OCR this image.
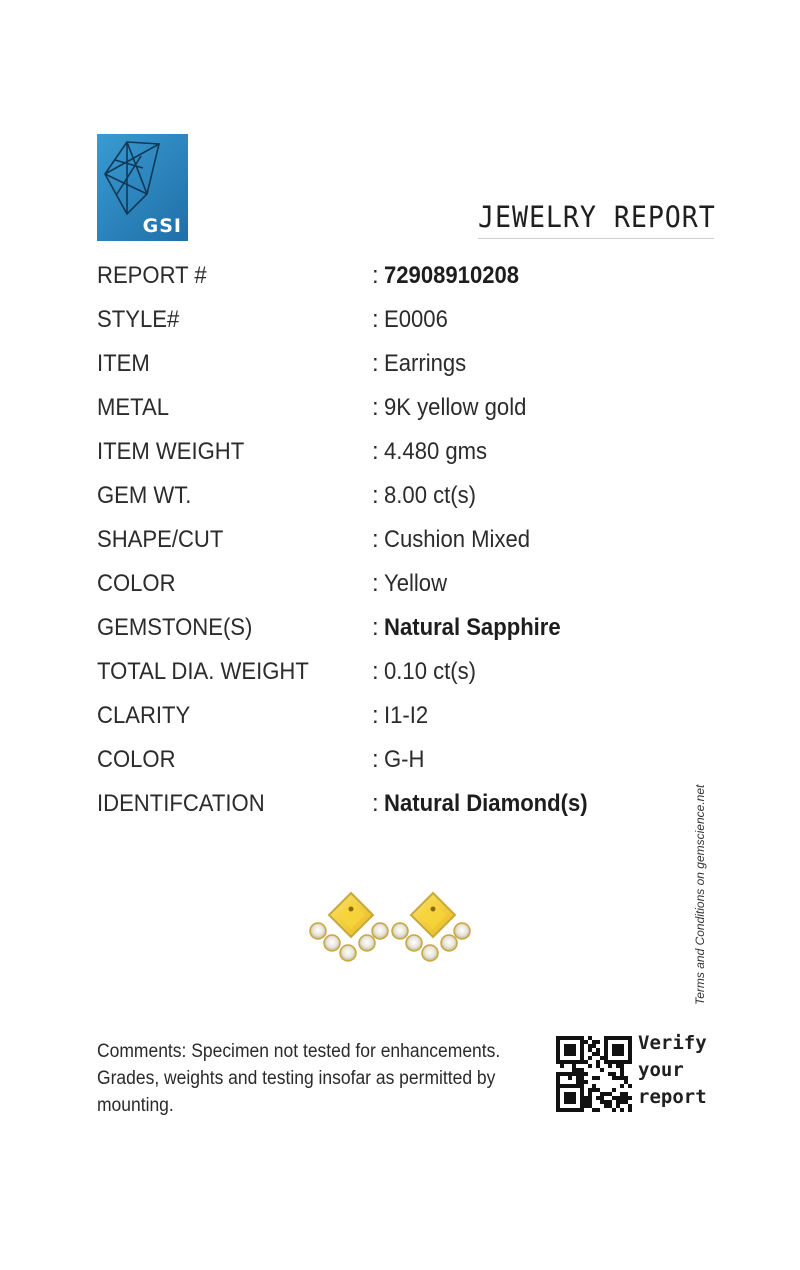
GSI	JEWELRY REPORT
REPORT #	: 72908910208
STYLE#	: E0006
ITEM	: Earrings
METAL	: 9K yellow gold
ITEM WEIGHT	: 4.480 gms
GEM WT.	: 8.00 ct(s)
SHAPE/CUT	: Cushion Mixed
COLOR	: Yellow
GEMSTONE(S)	: Natural Sapphire
TOTAL DIA. WEIGHT	: 0.10 ct(s)
CLARITY	: I1-I2
COLOR	: G-H
IDENTIFCATION	: Natural Diamond(s)	Terms and Conditions on gemscience.net
Comments: Specimen not tested for enhancements. Grades, weights and testing insofar as permitted by mounting.
Verify
your
report
